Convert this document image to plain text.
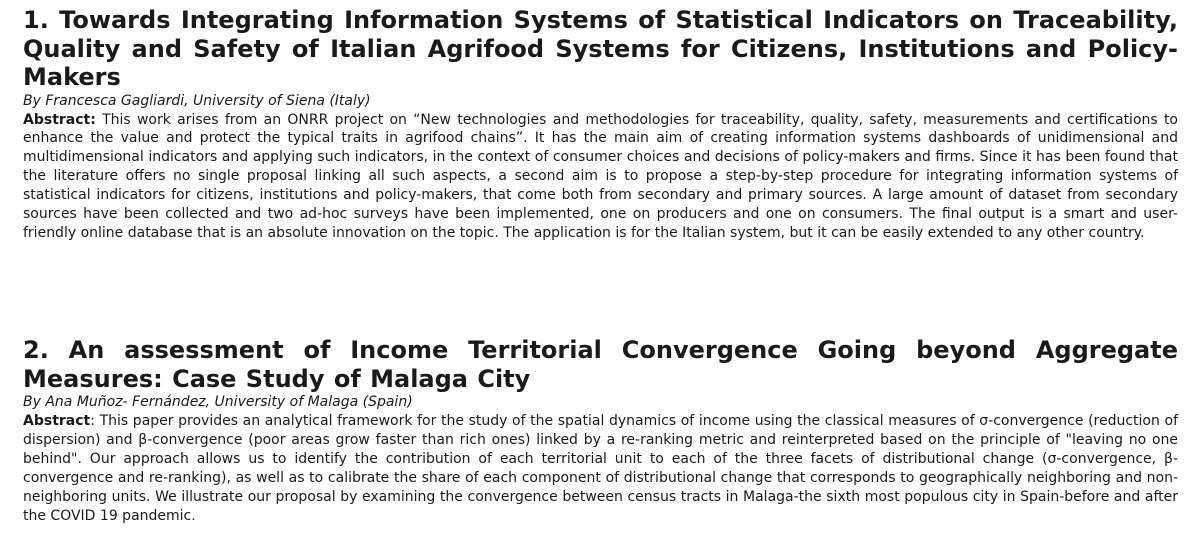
1. Towards Integrating Information Systems of Statistical Indicators on Traceability, Quality and Safety of Italian Agrifood Systems for Citizens, Institutions and Policy-Makers

By Francesca Gagliardi, University of Siena (Italy)

Abstract: This work arises from an ONRR project on “New technologies and methodologies for traceability, quality, safety, measurements and certifications to enhance the value and protect the typical traits in agrifood chains”. It has the main aim of creating information systems dashboards of unidimensional and multidimensional indicators and applying such indicators, in the context of consumer choices and decisions of policy-makers and firms. Since it has been found that the literature offers no single proposal linking all such aspects, a second aim is to propose a step-by-step procedure for integrating information systems of statistical indicators for citizens, institutions and policy-makers, that come both from secondary and primary sources. A large amount of dataset from secondary sources have been collected and two ad-hoc surveys have been implemented, one on producers and one on consumers. The final output is a smart and user-friendly online database that is an absolute innovation on the topic. The application is for the Italian system, but it can be easily extended to any other country.

2. An assessment of Income Territorial Convergence Going beyond Aggregate Measures: Case Study of Malaga City

By Ana Muñoz- Fernández, University of Malaga (Spain)

Abstract: This paper provides an analytical framework for the study of the spatial dynamics of income using the classical measures of σ-convergence (reduction of dispersion) and β-convergence (poor areas grow faster than rich ones) linked by a re-ranking metric and reinterpreted based on the principle of "leaving no one behind". Our approach allows us to identify the contribution of each territorial unit to each of the three facets of distributional change (σ-convergence, β-convergence and re-ranking), as well as to calibrate the share of each component of distributional change that corresponds to geographically neighboring and non-neighboring units. We illustrate our proposal by examining the convergence between census tracts in Malaga-the sixth most populous city in Spain-before and after the COVID 19 pandemic.
